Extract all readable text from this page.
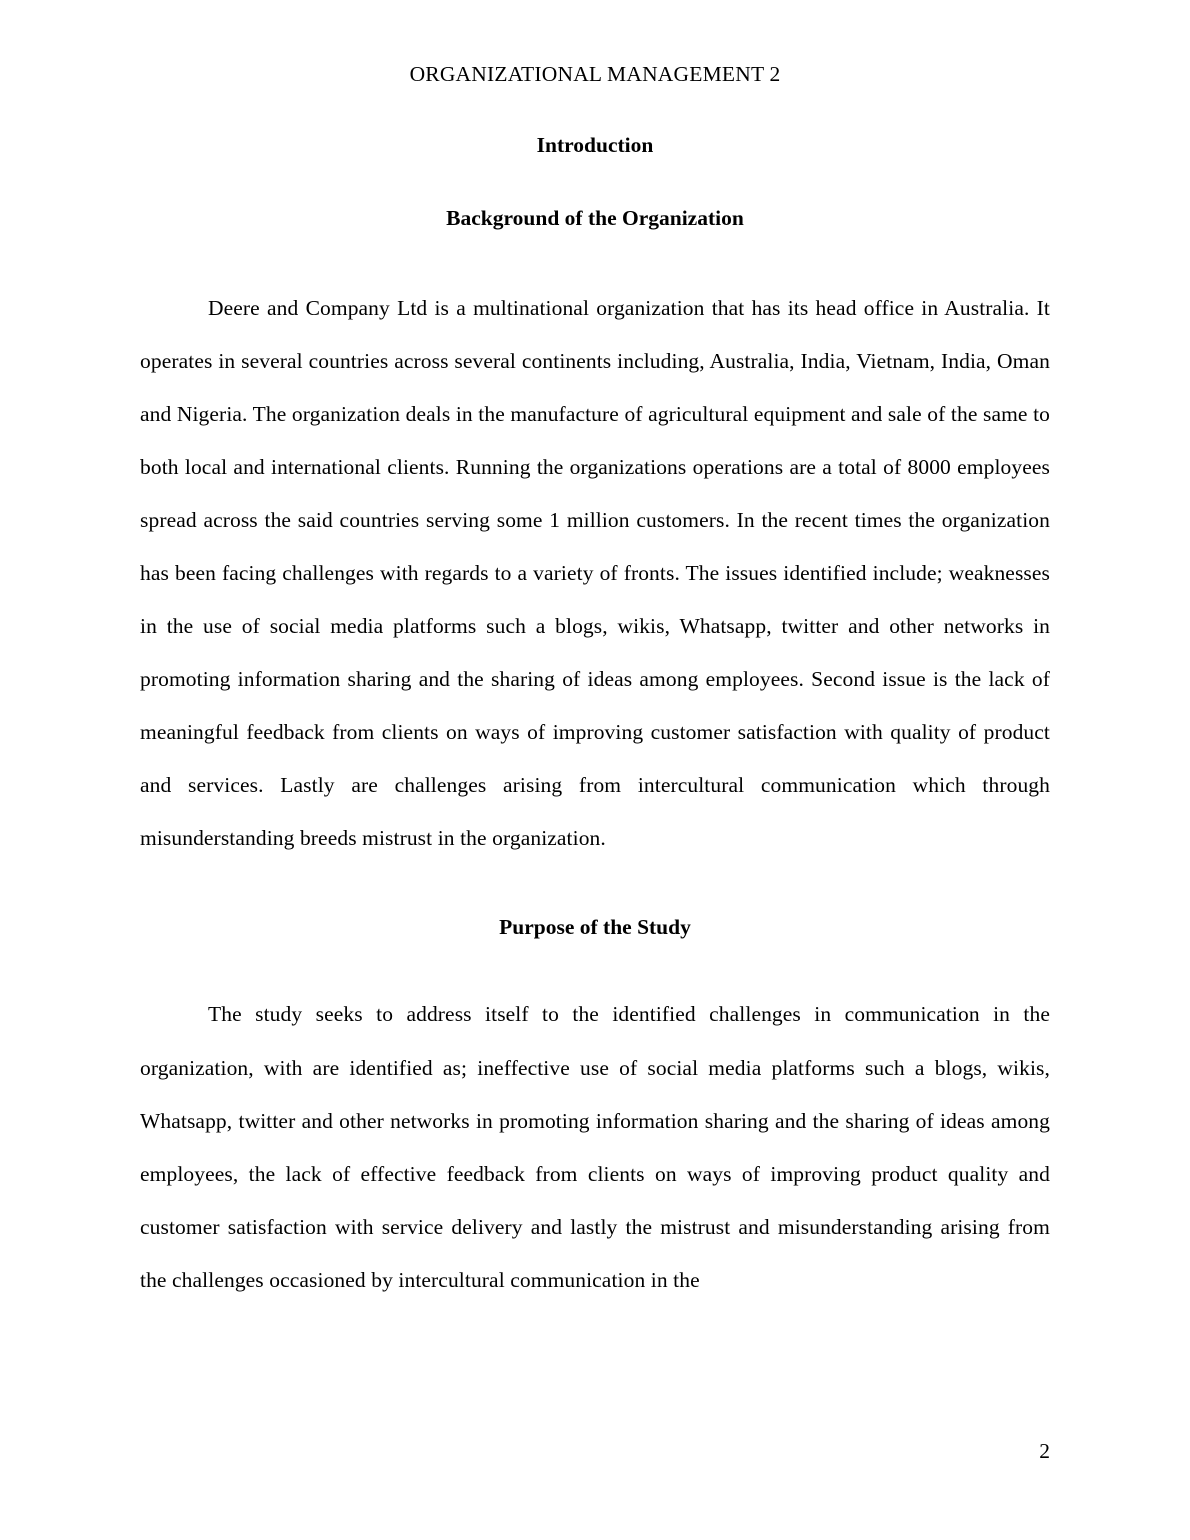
ORGANIZATIONAL MANAGEMENT 2
Introduction
Background of the Organization

Deere and Company Ltd is a multinational organization that has its head office in Australia. It operates in several countries across several continents including, Australia, India, Vietnam, India, Oman and Nigeria. The organization deals in the manufacture of agricultural equipment and sale of the same to both local and international clients. Running the organizations operations are a total of 8000 employees spread across the said countries serving some 1 million customers. In the recent times the organization has been facing challenges with regards to a variety of fronts. The issues identified include; weaknesses in the use of social media platforms such a blogs, wikis, Whatsapp, twitter and other networks in promoting information sharing and the sharing of ideas among employees. Second issue is the lack of meaningful feedback from clients on ways of improving customer satisfaction with quality of product and services. Lastly are challenges arising from intercultural communication which through misunderstanding breeds mistrust in the organization.

Purpose of the Study

The study seeks to address itself to the identified challenges in communication in the organization, with are identified as; ineffective use of social media platforms such a blogs, wikis, Whatsapp, twitter and other networks in promoting information sharing and the sharing of ideas among employees, the lack of effective feedback from clients on ways of improving product quality and customer satisfaction with service delivery and lastly the mistrust and misunderstanding arising from the challenges occasioned by intercultural communication in the

2
